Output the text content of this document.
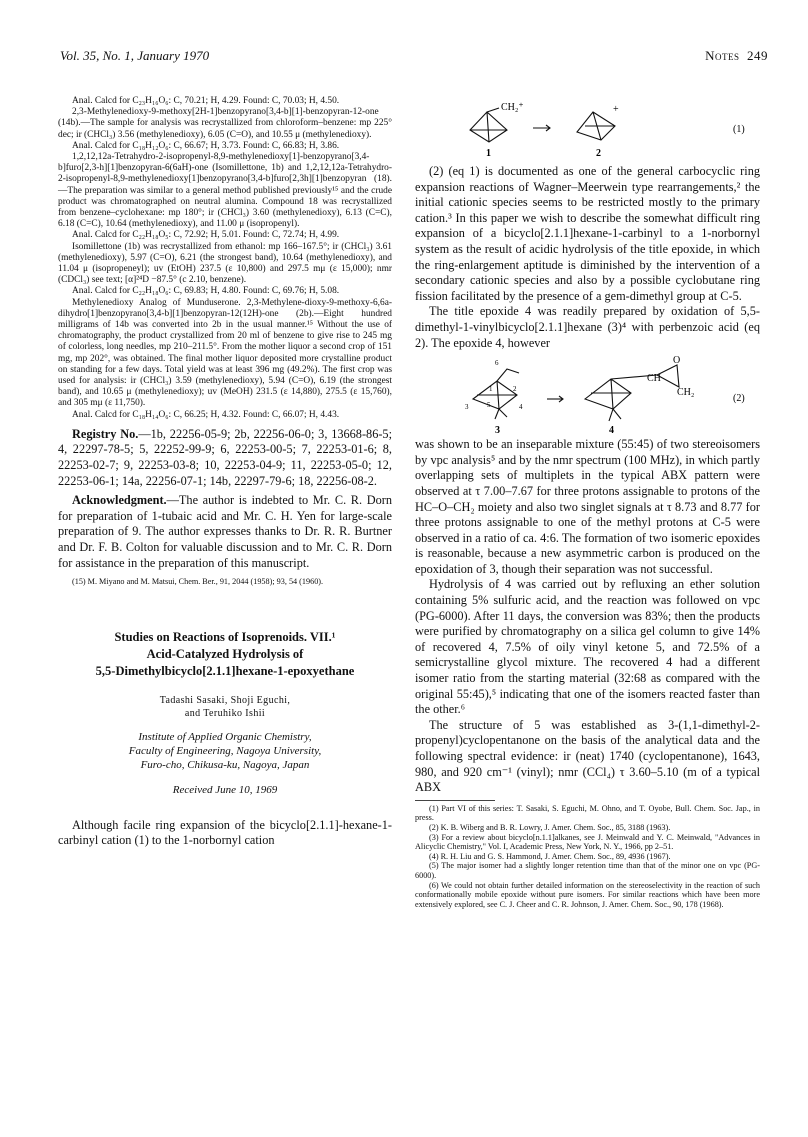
Vol. 35, No. 1, January 1970	Notes 249

Anal. Calcd for C₂₃H₁₆O₆: C, 70.21; H, 4.29. Found: C, 70.03; H, 4.50.

2,3-Methylenedioxy-9-methoxy[2H-1]benzopyrano[3,4-b][1]-benzopyran-12-one (14b).—The sample for analysis was recrystallized from chloroform–benzene: mp 225° dec; ir (CHCl₃) 3.56 (methylenedioxy), 6.05 (C=O), and 10.55 μ (methylenedioxy).

Anal. Calcd for C₁₈H₁₂O₆: C, 66.67; H, 3.73. Found: C, 66.83; H, 3.86.

1,2,12,12a-Tetrahydro-2-isopropenyl-8,9-methylenedioxy[1]-benzopyrano[3,4-b]furo[2,3-h][1]benzopyran-6(6aH)-one (Isomillettone, 1b) and 1,2,12,12a-Tetrahydro-2-isopropenyl-8,9-methylenedioxy[1]benzopyrano[3,4-b]furo[2,3h][1]benzopyran (18).—The preparation was similar to a general method published previously¹⁵ and the crude product was chromatographed on neutral alumina. Compound 18 was recrystallized from benzene–cyclohexane: mp 180°; ir (CHCl₃) 3.60 (methylenedioxy), 6.13 (C=C), 6.18 (C=C), 10.64 (methylenedioxy), and 11.00 μ (isopropenyl).

Anal. Calcd for C₂₂H₁₈O₅: C, 72.92; H, 5.01. Found: C, 72.74; H, 4.99.

Isomillettone (1b) was recrystallized from ethanol: mp 166–167.5°; ir (CHCl₃) 3.61 (methylenedioxy), 5.97 (C=O), 6.21 (the strongest band), 10.64 (methylenedioxy), and 11.04 μ (isopropeneyl); uv (EtOH) 237.5 (ε 10,800) and 297.5 mμ (ε 15,000); nmr (CDCl₃) see text; [α]²⁴D −87.5° (c 2.10, benzene).

Anal. Calcd for C₂₂H₁₈O₆: C, 69.83; H, 4.80. Found: C, 69.76; H, 5.08.

Methylenedioxy Analog of Munduserone. 2,3-Methylene-dioxy-9-methoxy-6,6a-dihydro[1]benzopyrano[3,4-b][1]benzopyran-12(12H)-one (2b).—Eight hundred milligrams of 14b was converted into 2b in the usual manner.¹⁵ Without the use of chromatography, the product crystallized from 20 ml of benzene to give rise to 245 mg of colorless, long needles, mp 210–211.5°. From the mother liquor a second crop of 151 mg, mp 202°, was obtained. The final mother liquor deposited more crystalline product on standing for a few days. Total yield was at least 396 mg (49.2%). The first crop was used for analysis: ir (CHCl₃) 3.59 (methylenedioxy), 5.94 (C=O), 6.19 (the strongest band), and 10.65 μ (methylenedioxy); uv (MeOH) 231.5 (ε 14,880), 275.5 (ε 15,760), and 305 mμ (ε 11,750).

Anal. Calcd for C₁₈H₁₄O₆: C, 66.25; H, 4.32. Found: C, 66.07; H, 4.43.

Registry No.—1b, 22256-05-9; 2b, 22256-06-0; 3, 13668-86-5; 4, 22297-78-5; 5, 22252-99-9; 6, 22253-00-5; 7, 22253-01-6; 8, 22253-02-7; 9, 22253-03-8; 10, 22253-04-9; 11, 22253-05-0; 12, 22253-06-1; 14a, 22256-07-1; 14b, 22297-79-6; 18, 22256-08-2.
Acknowledgment.—The author is indebted to Mr. C. R. Dorn for preparation of 1-tubaic acid and Mr. C. H. Yen for large-scale preparation of 9. The author expresses thanks to Dr. R. R. Burtner and Dr. F. B. Colton for valuable discussion and to Mr. C. R. Dorn for assistance in the preparation of this manuscript.

(15) M. Miyano and M. Matsui, Chem. Ber., 91, 2044 (1958); 93, 54 (1960).

Studies on Reactions of Isoprenoids. VII.¹
Acid-Catalyzed Hydrolysis of
5,5-Dimethylbicyclo[2.1.1]hexane-1-epoxyethane
Tadashi Sasaki, Shoji Eguchi,
and Teruhiko Ishii
Institute of Applied Organic Chemistry,
Faculty of Engineering, Nagoya University,
Furo-cho, Chikusa-ku, Nagoya, Japan
Received June 10, 1969
Although facile ring expansion of the bicyclo[2.1.1]-hexane-1-carbinyl cation (1) to the 1-norbornyl cation
CH₂⁺	+
1	2
(1)
(2) (eq 1) is documented as one of the general carbocyclic ring expansion reactions of Wagner–Meerwein type rearrangements,² the initial cationic species seems to be restricted mostly to the primary cation.³ In this paper we wish to describe the somewhat difficult ring expansion of a bicyclo[2.1.1]hexane-1-carbinyl to a 1-norbornyl system as the result of acidic hydrolysis of the title epoxide, in which the ring-enlargement aptitude is diminished by the intervention of a secondary cationic species and also by a possible cyclobutane ring fission facilitated by the presence of a gem-dimethyl group at C-5.
The title epoxide 4 was readily prepared by oxidation of 5,5-dimethyl-1-vinylbicyclo[2.1.1]hexane (3)⁴ with perbenzoic acid (eq 2). The epoxide 4, however
6
1	2
5
3	4
CH
O
CH₂
3	4
(2)
was shown to be an inseparable mixture (55:45) of two stereoisomers by vpc analysis⁵ and by the nmr spectrum (100 MHz), in which partly overlapping sets of multiplets in the typical ABX pattern were observed at τ 7.00–7.67 for three protons assignable to protons of the HC–O–CH₂ moiety and also two singlet signals at τ 8.73 and 8.77 for three protons assignable to one of the methyl protons at C-5 were observed in a ratio of ca. 4:6. The formation of two isomeric epoxides is reasonable, because a new asymmetric carbon is produced on the epoxidation of 3, though their separation was not successful.
Hydrolysis of 4 was carried out by refluxing an ether solution containing 5% sulfuric acid, and the reaction was followed on vpc (PG-6000). After 11 days, the conversion was 83%; then the products were purified by chromatography on a silica gel column to give 14% of recovered 4, 7.5% of oily vinyl ketone 5, and 72.5% of a semicrystalline glycol mixture. The recovered 4 had a different isomer ratio from the starting material (32:68 as compared with the original 55:45),⁵ indicating that one of the isomers reacted faster than the other.⁶
The structure of 5 was established as 3-(1,1-dimethyl-2-propenyl)cyclopentanone on the basis of the analytical data and the following spectral evidence: ir (neat) 1740 (cyclopentanone), 1643, 980, and 920 cm⁻¹ (vinyl); nmr (CCl₄) τ 3.60–5.10 (m of a typical ABX

(1) Part VI of this series: T. Sasaki, S. Eguchi, M. Ohno, and T. Oyobe, Bull. Chem. Soc. Jap., in press.

(2) K. B. Wiberg and B. R. Lowry, J. Amer. Chem. Soc., 85, 3188 (1963).

(3) For a review about bicyclo[n.1.1]alkanes, see J. Meinwald and Y. C. Meinwald, "Advances in Alicyclic Chemistry," Vol. I, Academic Press, New York, N. Y., 1966, pp 2–51.

(4) R. H. Liu and G. S. Hammond, J. Amer. Chem. Soc., 89, 4936 (1967).

(5) The major isomer had a slightly longer retention time than that of the minor one on vpc (PG-6000).

(6) We could not obtain further detailed information on the stereoselectivity in the reaction of such conformationally mobile epoxide without pure isomers. For similar reactions which have been more extensively explored, see C. J. Cheer and C. R. Johnson, J. Amer. Chem. Soc., 90, 178 (1968).
